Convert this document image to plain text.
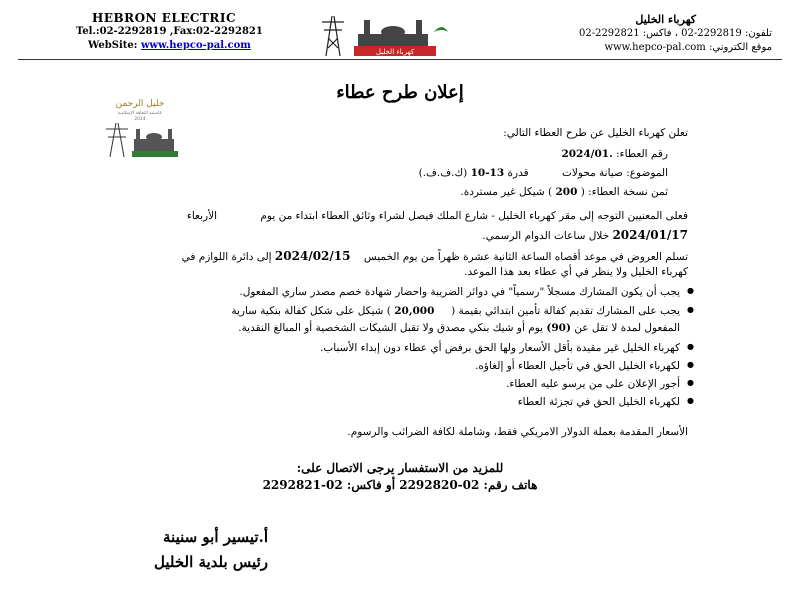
HEBRON ELECTRIC
Tel.:02-2292819 ,Fax:02-2292821
WebSite: www.hepco-pal.com
كهرباء الخليل
كهرباء الخليل
تلفون: 2292819-02 ، فاكس: 2292821-02
موقع الكتروني: www.hepco-pal.com
إعلان طرح عطاء
خليل الرحمن
عاصمة الثقافة الإسلامية
2024
تعلن كهرباء الخليل عن طرح العطاء التالي:
رقم العطاء: 2024/01.
الموضوع: صيانة محولات          قدرة 10-13 (ك.ف.ف.)
ثمن نسخة العطاء: ( 200 ) شيكل غير مستردة.
فعلى المعنيين التوجه إلى مقر كهرباء الخليل - شارع الملك فيصل لشراء وثائق العطاء ابتداء من يوم             الأربعاء
2024/01/17 خلال ساعات الدوام الرسمي.
تسلم العروض في موعد أقصاه الساعة الثانية عشرة ظهراً من يوم الخميس    2024/02/15 إلى دائرة اللوازم في
كهرباء الخليل ولا ينظر في أي عطاء بعد هذا الموعد.
● يجب أن يكون المشارك مسجلاً "رسمياً" في دوائر الضريبة واحضار شهادة خصم مصدر ساري المفعول.
● يجب على المشارك تقديم كفالة تأمين ابتدائي بقيمة (     20,000 ) شيكل على شكل كفالة بنكية سارية
المفعول لمدة لا تقل عن (90) يوم أو شيك بنكي مصدق ولا تقبل الشيكات الشخصية أو المبالغ النقدية.
● كهرباء الخليل غير مقيدة بأقل الأسعار ولها الحق برفض أي عطاء دون إبداء الأسباب.
● لكهرباء الخليل الحق في تأجيل العطاء أو إلغاؤه.
● أجور الإعلان على من يرسو عليه العطاء.
● لكهرباء الخليل الحق في تجزئة العطاء
الأسعار المقدمة بعملة الدولار الامريكي فقط، وشاملة لكافة الضرائب والرسوم.
للمزيد من الاستفسار يرجى الاتصال على:
هاتف رقم: 2292820-02 أو فاكس: 2292821-02
أ.تيسير أبو سنينة
رئيس بلدية الخليل
